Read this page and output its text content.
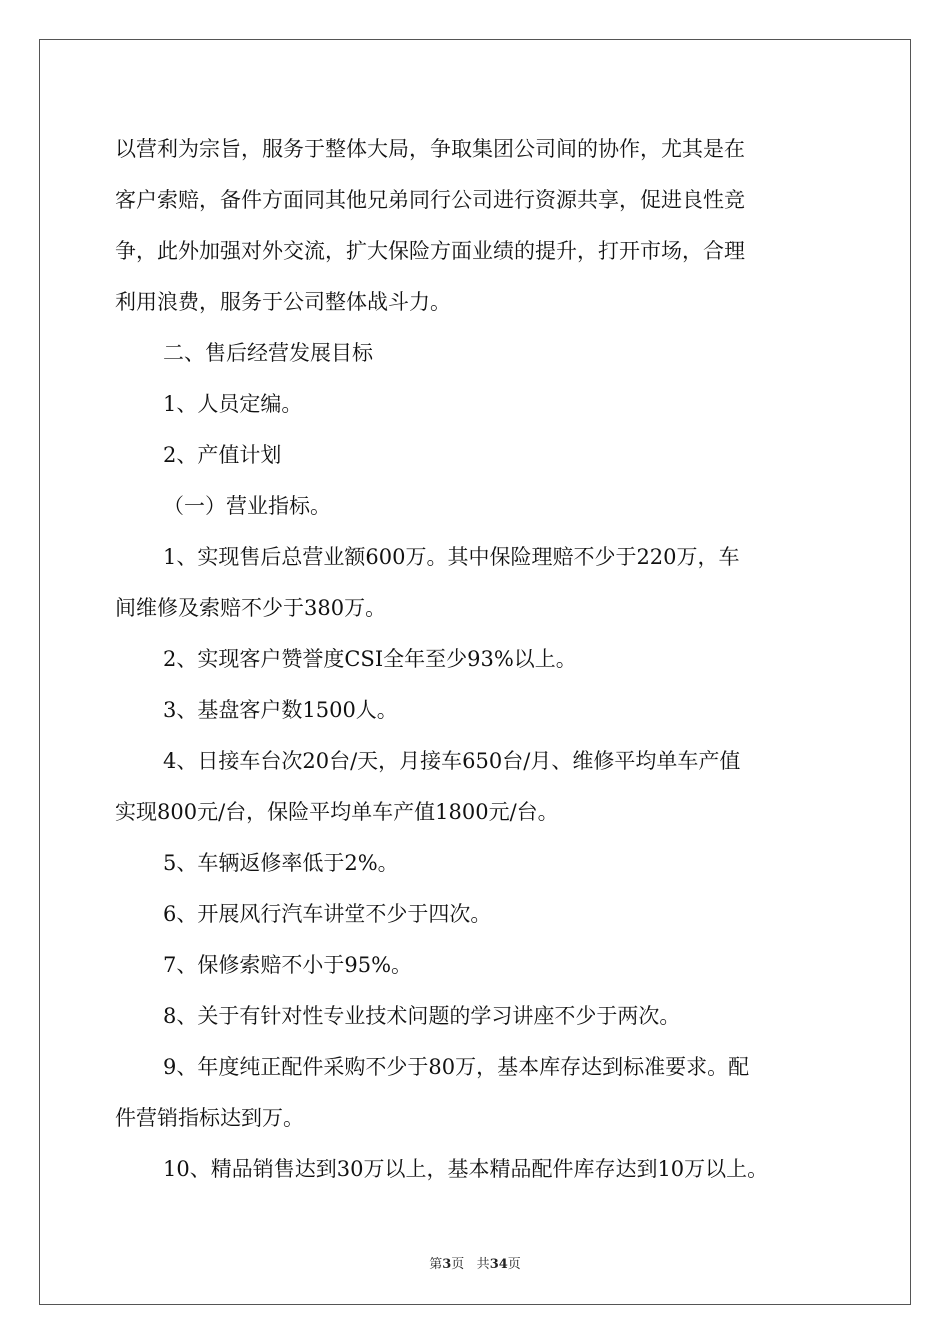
以营利为宗旨，服务于整体大局，争取集团公司间的协作，尤其是在

客户索赔，备件方面同其他兄弟同行公司进行资源共享，促进良性竞

争，此外加强对外交流，扩大保险方面业绩的提升，打开市场，合理

利用浪费，服务于公司整体战斗力。

二、售后经营发展目标

1、人员定编。

2、产值计划

（一）营业指标。

1、实现售后总营业额600万。其中保险理赔不少于220万，车

间维修及索赔不少于380万。

2、实现客户赞誉度CSI全年至少93%以上。

3、基盘客户数1500人。

4、日接车台次20台/天，月接车650台/月、维修平均单车产值

实现800元/台，保险平均单车产值1800元/台。

5、车辆返修率低于2%。

6、开展风行汽车讲堂不少于四次。

7、保修索赔不小于95%。

8、关于有针对性专业技术问题的学习讲座不少于两次。

9、年度纯正配件采购不少于80万，基本库存达到标准要求。配

件营销指标达到万。

10、精品销售达到30万以上，基本精品配件库存达到10万以上。

第3页 共34页
